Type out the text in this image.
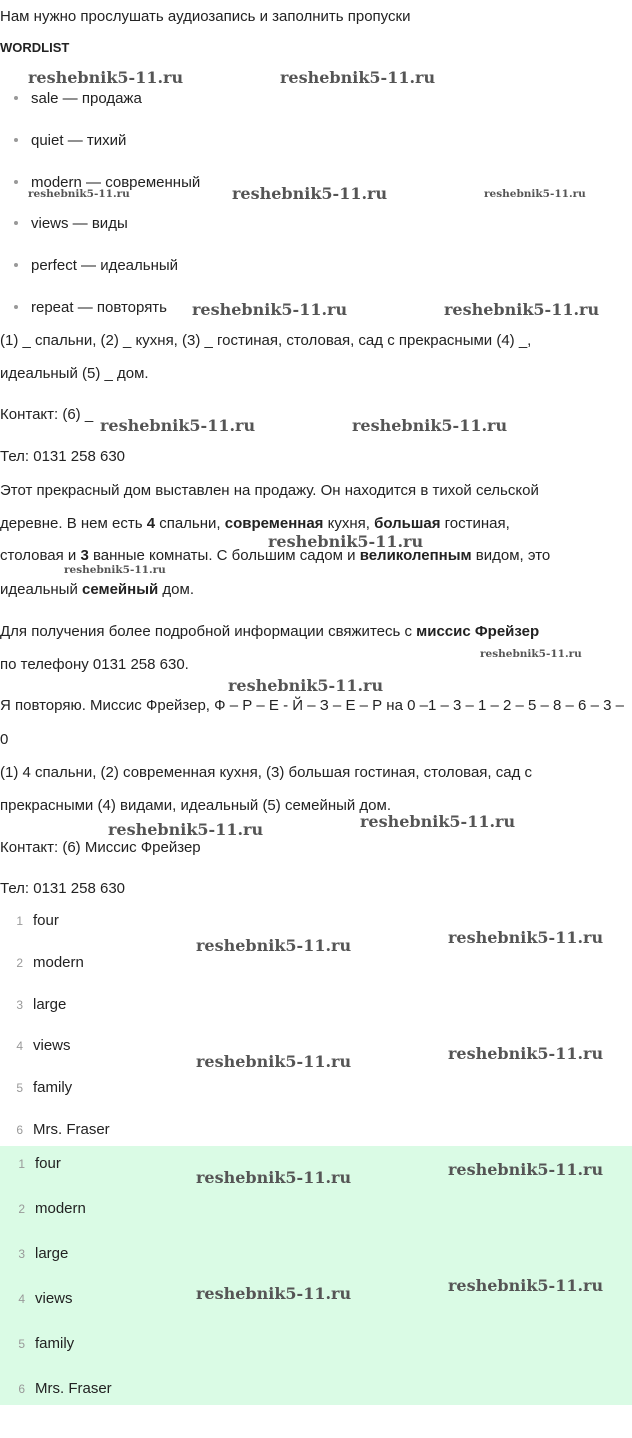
Нам нужно прослушать аудиозапись и заполнить пропуски
WORDLIST
sale — продажа
quiet — тихий
modern — современный
views — виды
perfect — идеальный
repeat — повторять
(1) _ спальни, (2) _ кухня, (3) _ гостиная, столовая, сад с прекрасными (4) _,
идеальный (5) _ дом.
Контакт: (6) _
Тел: 0131 258 630
Этот прекрасный дом выставлен на продажу. Он находится в тихой сельской
деревне. В нем есть 4 спальни, современная кухня, большая гостиная,
столовая и 3 ванные комнаты. С большим садом и великолепным видом, это
идеальный семейный дом.
Для получения более подробной информации свяжитесь с миссис Фрейзер
по телефону 0131 258 630.
Я повторяю. Миссис Фрейзер, Ф – Р – Е - Й – З – Е – Р на 0 –1 – 3 – 1 – 2 – 5 – 8 – 6 – 3 –
0
(1) 4 спальни, (2) современная кухня, (3) большая гостиная, столовая, сад с
прекрасными (4) видами, идеальный (5) семейный дом.
Контакт: (6) Миссис Фрейзер
Тел: 0131 258 630
1 four
2 modern
3 large
4 views
5 family
6 Mrs. Fraser
1 four
2 modern
3 large
4 views
5 family
6 Mrs. Fraser
reshebnik5-11.ru	reshebnik5-11.ru
reshebnik5-11.ru	reshebnik5-11.ru	reshebnik5-11.ru
reshebnik5-11.ru	reshebnik5-11.ru
reshebnik5-11.ru	reshebnik5-11.ru
reshebnik5-11.ru
reshebnik5-11.ru
reshebnik5-11.ru
reshebnik5-11.ru
reshebnik5-11.ru	reshebnik5-11.ru
reshebnik5-11.ru	reshebnik5-11.ru
reshebnik5-11.ru	reshebnik5-11.ru
reshebnik5-11.ru	reshebnik5-11.ru
reshebnik5-11.ru	reshebnik5-11.ru
